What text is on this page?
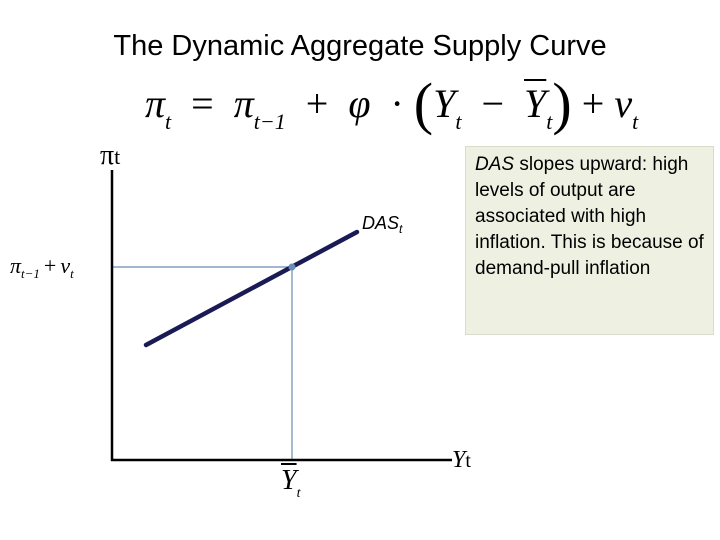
The Dynamic Aggregate Supply Curve
$\pi_t = \pi_{t-1} + \varphi \cdot (Y_t - \overline{Y}_t) + \nu_t$
πt
Yt
$\pi_{t-1} + \nu_t$
$\overline{Y}_t$
$DAS_t$
DAS slopes upward: high levels of output are associated with high inflation. This is because of demand-pull inflation
